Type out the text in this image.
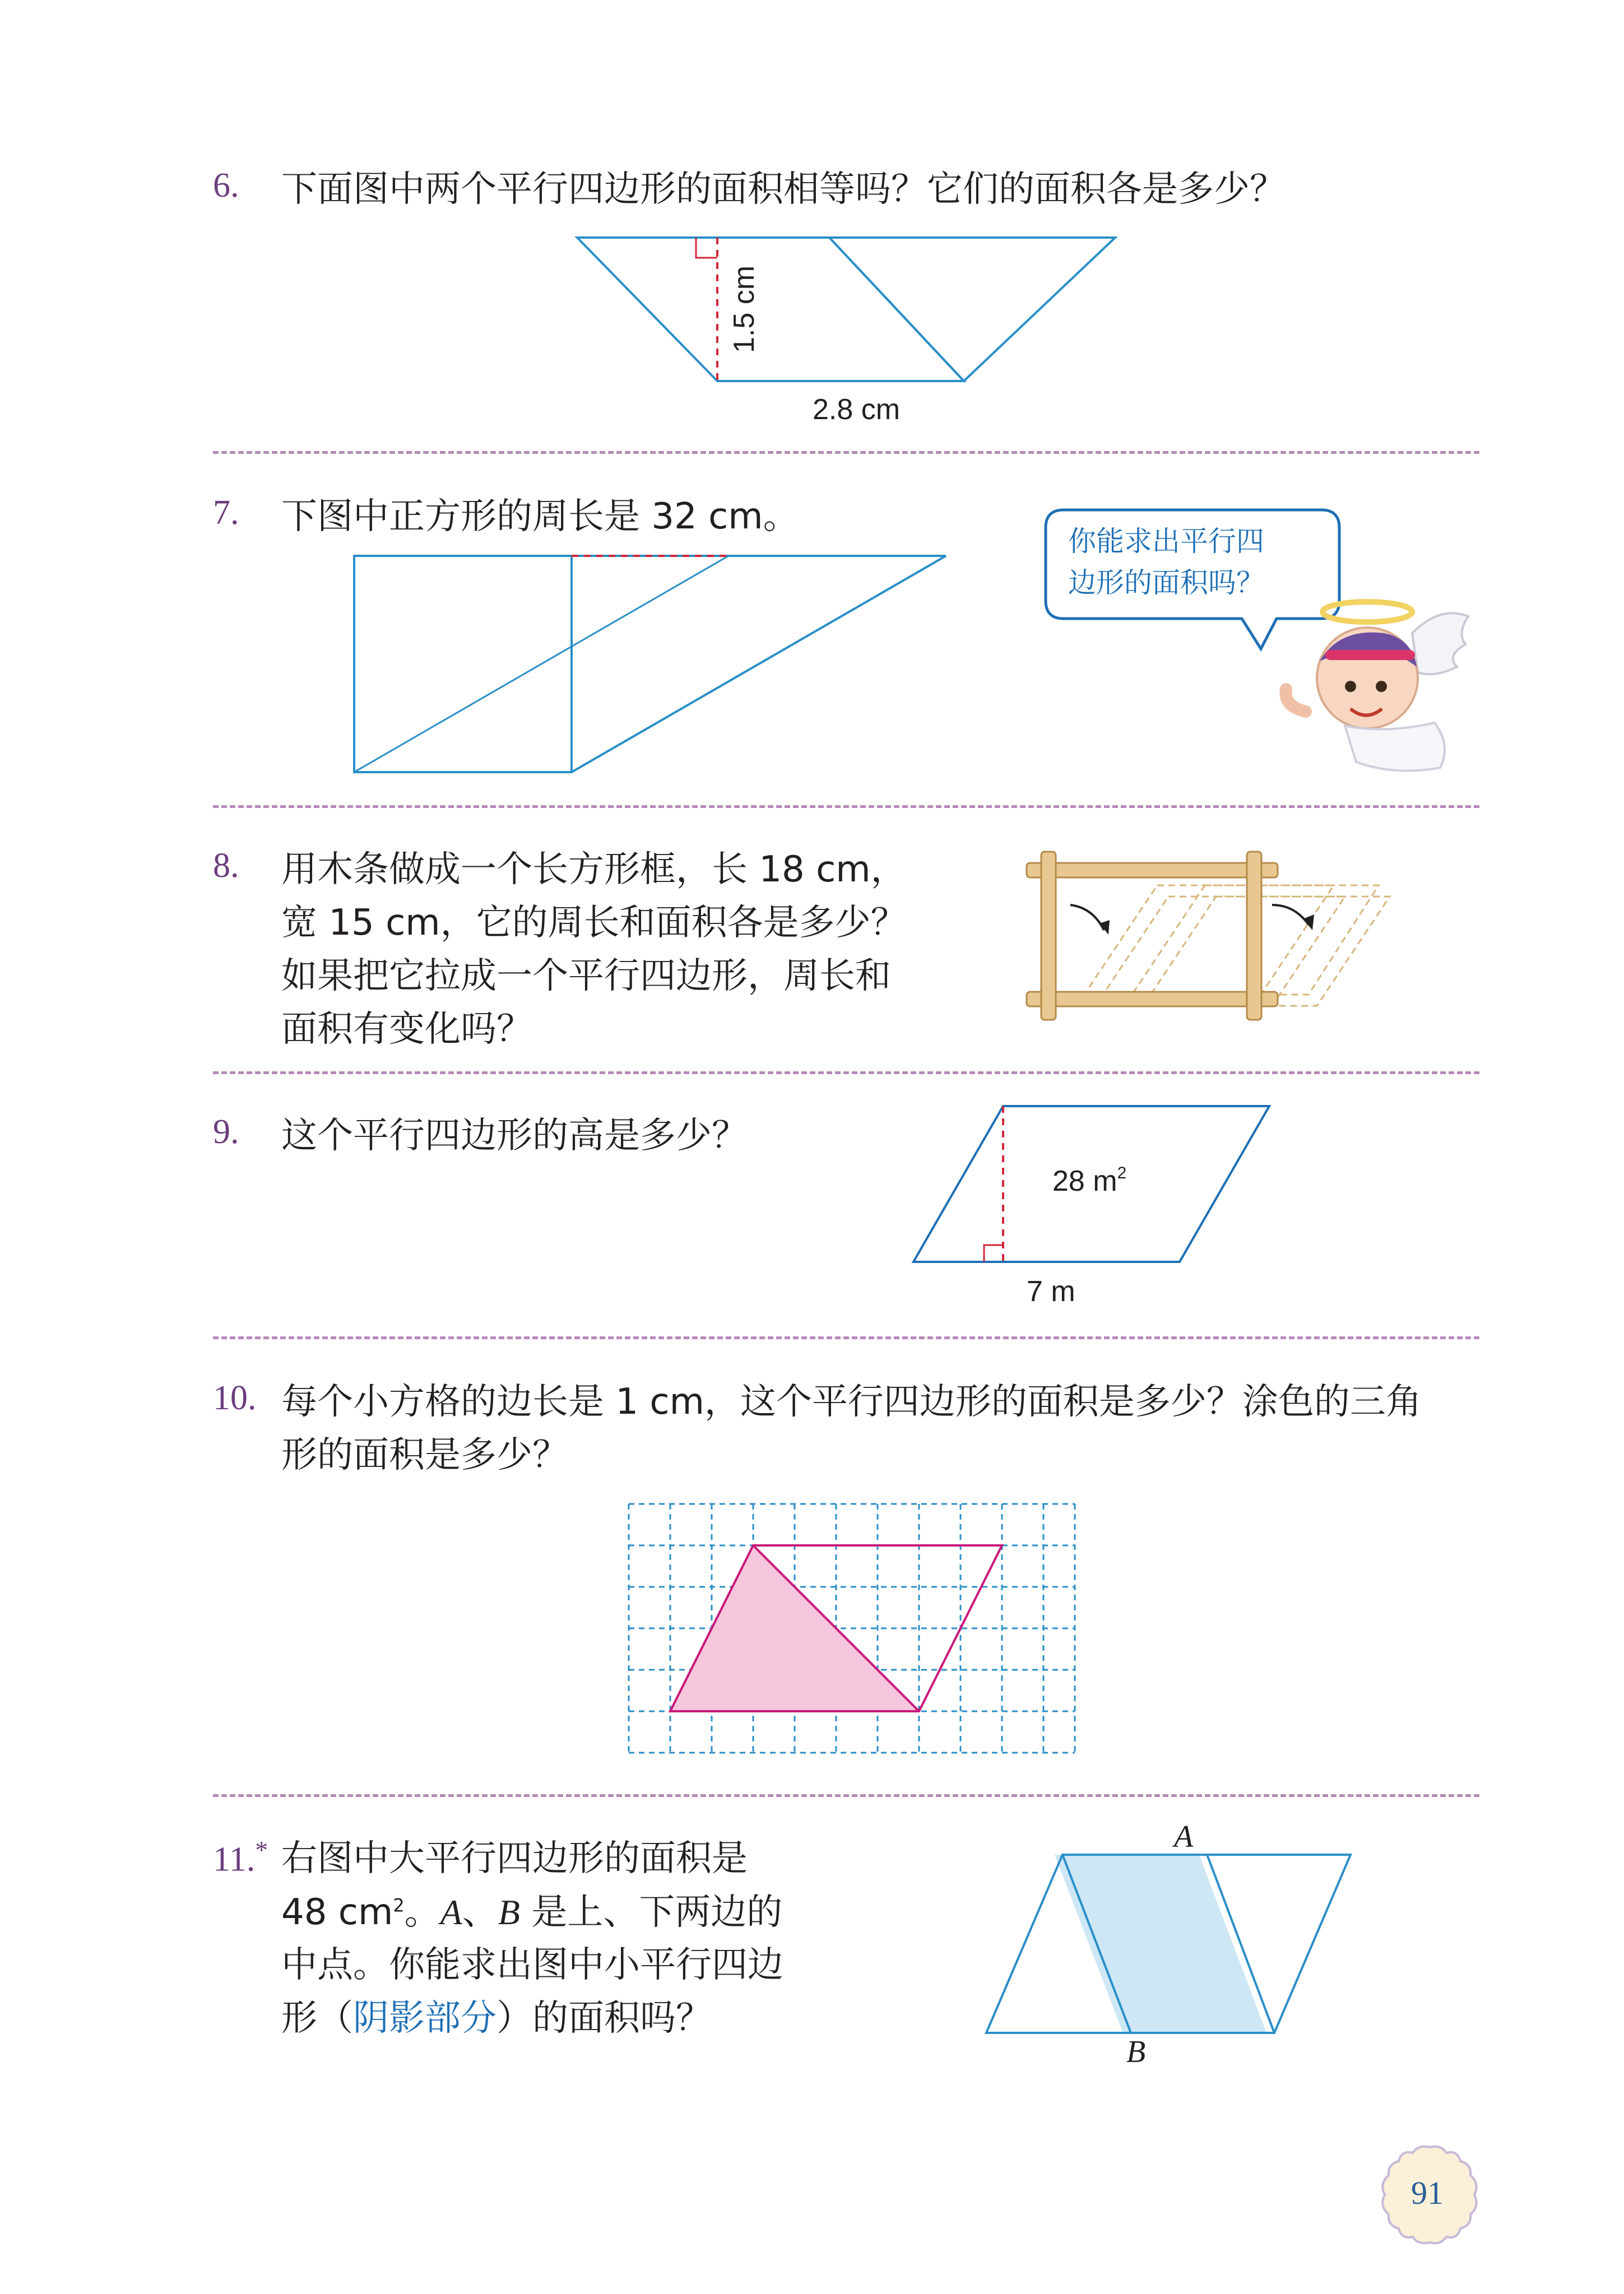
6. 下面图中两个平行四边形的面积相等吗？它们的面积各是多少？
1.5 cm
2.8 cm
7. 下图中正方形的周长是 32 cm。
你能求出平行四
边形的面积吗？
8. 用木条做成一个长方形框，长 18 cm，
宽 15 cm，它的周长和面积各是多少？
如果把它拉成一个平行四边形，周长和
面积有变化吗？
9. 这个平行四边形的高是多少？
28 $m^2$
7 m
10. 每个小方格的边长是 1 cm，这个平行四边形的面积是多少？涂色的三角
形的面积是多少？
11.* 右图中大平行四边形的面积是
48 $cm^2$。A、B 是上、下两边的
中点。你能求出图中小平行四边
形（阴影部分）的面积吗？
A
B
91
